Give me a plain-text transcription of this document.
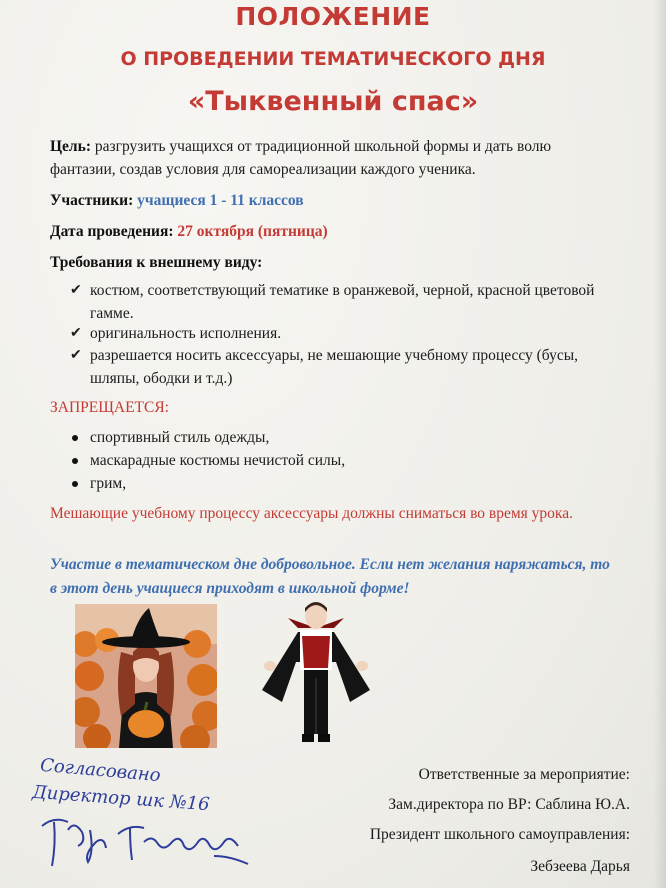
ПОЛОЖЕНИЕ
О ПРОВЕДЕНИИ ТЕМАТИЧЕСКОГО ДНЯ
«Тыквенный спас»
Цель: разгрузить учащихся от традиционной школьной формы и дать волю фантазии, создав условия для самореализации каждого ученика.
Участники: учащиеся 1 - 11 классов
Дата проведения: 27 октября (пятница)
Требования к внешнему виду:
✔ костюм, соответствующий тематике в оранжевой, черной, красной цветовой гамме.
✔ оригинальность исполнения.
✔ разрешается носить аксессуары, не мешающие учебному процессу (бусы, шляпы, ободки и т.д.)
ЗАПРЕЩАЕТСЯ:
спортивный стиль одежды,
маскарадные костюмы нечистой силы,
грим,
Мешающие учебному процессу аксессуары должны сниматься во время урока.
Участие в тематическом дне добровольное. Если нет желания наряжаться, то в этот день учащиеся приходят в школьной форме!
Согласовано
Директор шк №16
Ответственные за мероприятие:
Зам.директора по ВР: Саблина Ю.А.
Президент школьного самоуправления:
Зебзеева Дарья
